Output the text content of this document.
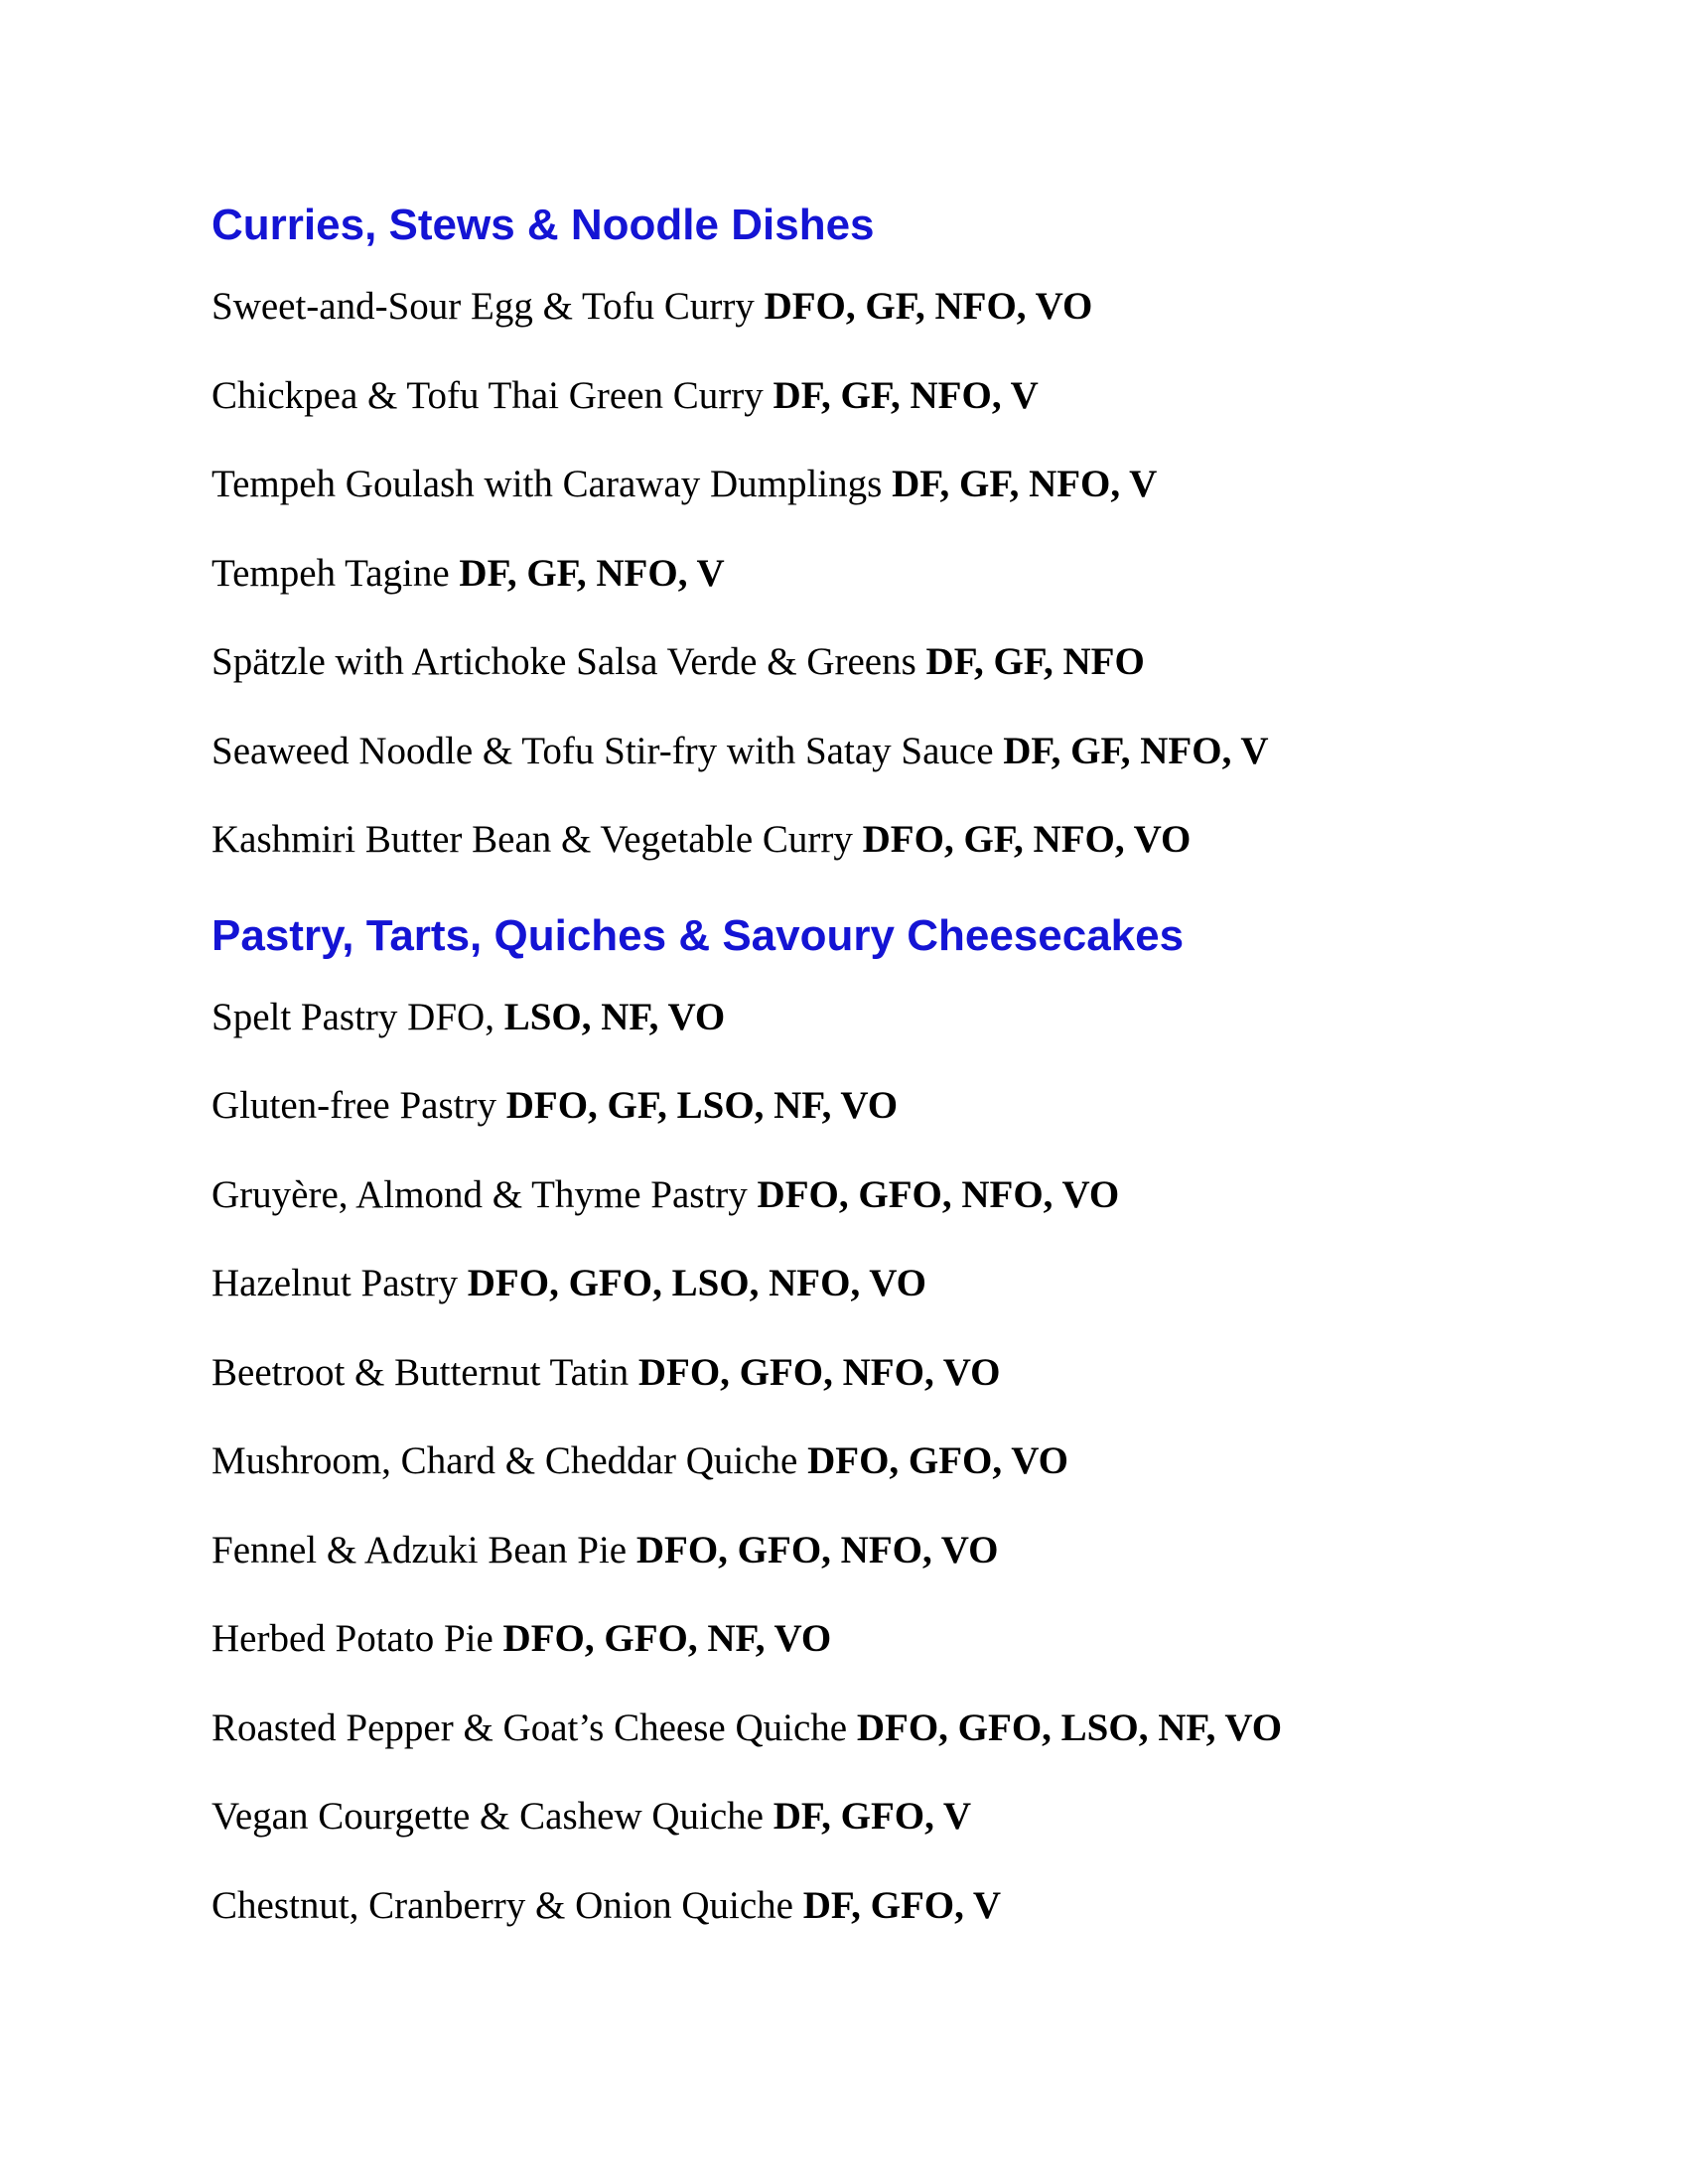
Curries, Stews & Noodle Dishes
Sweet-and-Sour Egg & Tofu Curry DFO, GF, NFO, VO
Chickpea & Tofu Thai Green Curry DF, GF, NFO, V
Tempeh Goulash with Caraway Dumplings DF, GF, NFO, V
Tempeh Tagine DF, GF, NFO, V
Spätzle with Artichoke Salsa Verde & Greens DF, GF, NFO
Seaweed Noodle & Tofu Stir-fry with Satay Sauce DF, GF, NFO, V
Kashmiri Butter Bean & Vegetable Curry DFO, GF, NFO, VO
Pastry, Tarts, Quiches & Savoury Cheesecakes
Spelt Pastry DFO, LSO, NF, VO
Gluten-free Pastry DFO, GF, LSO, NF, VO
Gruyère, Almond & Thyme Pastry DFO, GFO, NFO, VO
Hazelnut Pastry DFO, GFO, LSO, NFO, VO
Beetroot & Butternut Tatin DFO, GFO, NFO, VO
Mushroom, Chard & Cheddar Quiche DFO, GFO, VO
Fennel & Adzuki Bean Pie DFO, GFO, NFO, VO
Herbed Potato Pie DFO, GFO, NF, VO
Roasted Pepper & Goat’s Cheese Quiche DFO, GFO, LSO, NF, VO
Vegan Courgette & Cashew Quiche DF, GFO, V
Chestnut, Cranberry & Onion Quiche DF, GFO, V
